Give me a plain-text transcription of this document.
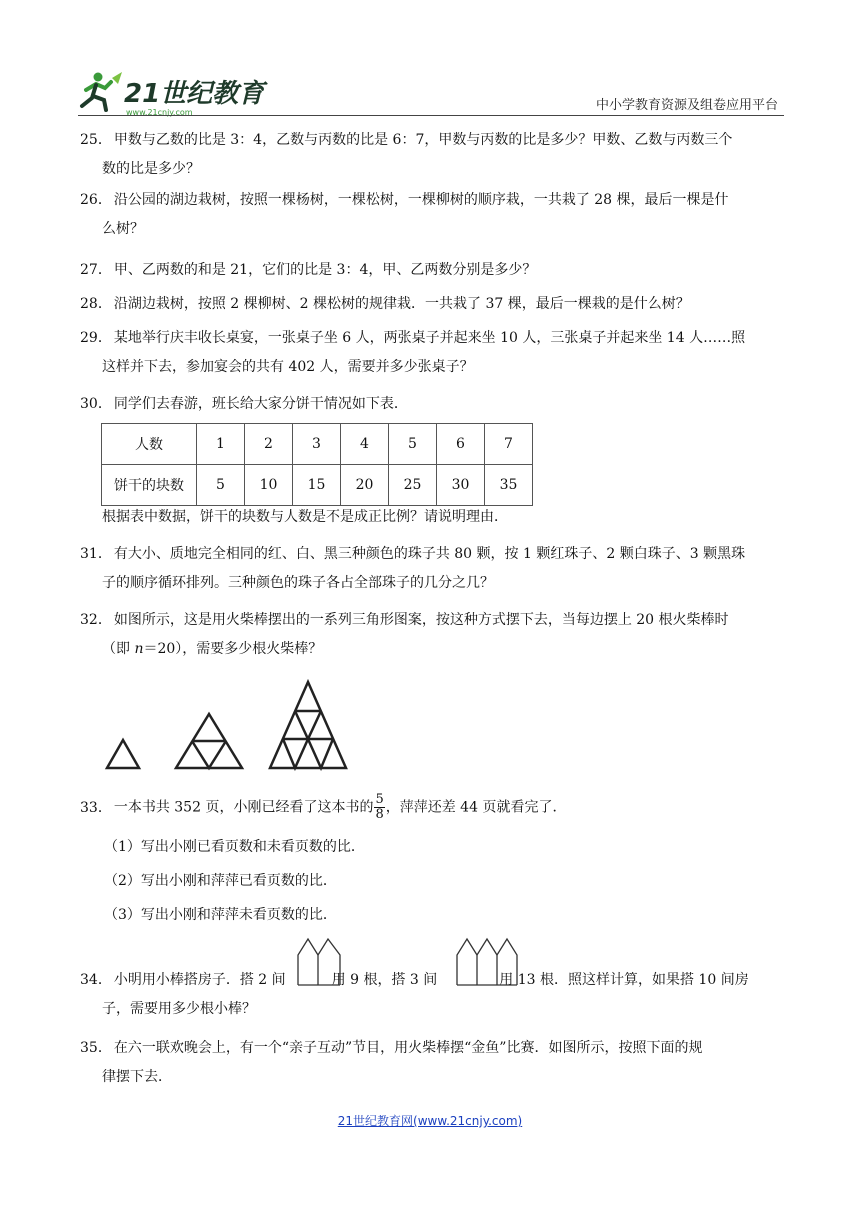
21世纪教育
www.21cnjy.com	中小学教育资源及组卷应用平台
25． 甲数与乙数的比是 3：4，乙数与丙数的比是 6：7，甲数与丙数的比是多少？甲数、乙数与丙数三个
数的比是多少？
26． 沿公园的湖边栽树，按照一棵杨树，一棵松树，一棵柳树的顺序栽，一共栽了 28 棵，最后一棵是什
么树？
27． 甲、乙两数的和是 21，它们的比是 3：4，甲、乙两数分别是多少？
28． 沿湖边栽树，按照 2 棵柳树、2 棵松树的规律栽．一共栽了 37 棵，最后一棵栽的是什么树？
29． 某地举行庆丰收长桌宴，一张桌子坐 6 人，两张桌子并起来坐 10 人，三张桌子并起来坐 14 人……照
这样并下去，参加宴会的共有 402 人，需要并多少张桌子？
30． 同学们去春游，班长给大家分饼干情况如下表．
人数	1	2	3	4	5	6	7
饼干的块数	5	10	15	20	25	30	35
根据表中数据，饼干的块数与人数是不是成正比例？请说明理由．
31． 有大小、质地完全相同的红、白、黑三种颜色的珠子共 80 颗，按 1 颗红珠子、2 颗白珠子、3 颗黑珠
子的顺序循环排列。三种颜色的珠子各占全部珠子的几分之几？
32． 如图所示，这是用火柴棒摆出的一系列三角形图案，按这种方式摆下去，当每边摆上 20 根火柴棒时
（即 n＝20），需要多少根火柴棒？
33． 一本书共 352 页，小刚已经看了这本书的 $\frac{5}{8}$ ，萍萍还差 44 页就看完了．
（1）写出小刚已看页数和未看页数的比．
（2）写出小刚和萍萍已看页数的比．
（3）写出小刚和萍萍未看页数的比．
34． 小明用小棒搭房子．搭 2 间	用 9 根，搭 3 间	用 13 根．照这样计算，如果搭 10 间房
子，需要用多少根小棒？
35． 在六一联欢晚会上，有一个“亲子互动”节目，用火柴棒摆“金鱼”比赛．如图所示，按照下面的规
律摆下去．
21世纪教育网(www.21cnjy.com)
